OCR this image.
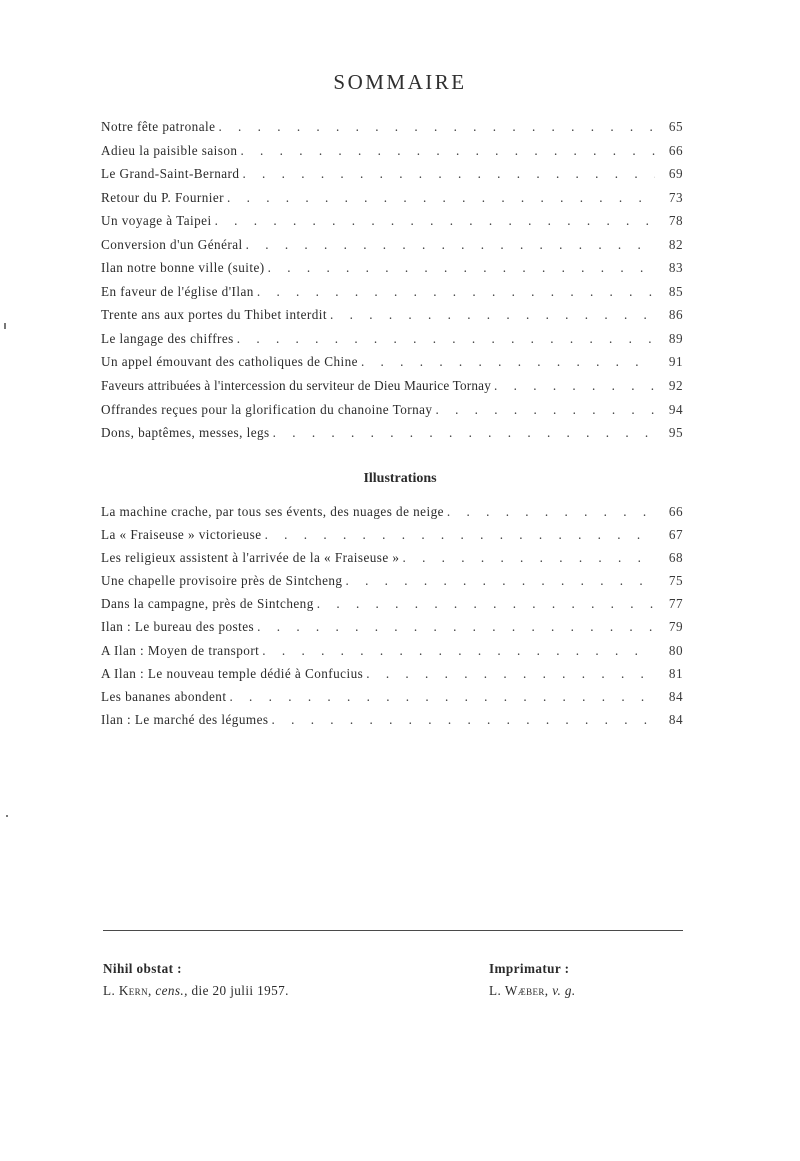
SOMMAIRE
Notre fête patronale . . .	65
Adieu la paisible saison . . .	66
Le Grand-Saint-Bernard . . .	69
Retour du P. Fournier . . .	73
Un voyage à Taipei . . .	78
Conversion d'un Général . . .	82
Ilan notre bonne ville (suite) . . .	83
En faveur de l'église d'Ilan . . .	85
Trente ans aux portes du Thibet interdit . . .	86
Le langage des chiffres . . .	89
Un appel émouvant des catholiques de Chine . . .	91
Faveurs attribuées à l'intercession du serviteur de Dieu Maurice Tornay . . .	92
Offrandes reçues pour la glorification du chanoine Tornay . . .	94
Dons, baptêmes, messes, legs . . .	95
Illustrations
La machine crache, par tous ses évents, des nuages de neige . . .	66
La « Fraiseuse » victorieuse . . .	67
Les religieux assistent à l'arrivée de la « Fraiseuse » . . .	68
Une chapelle provisoire près de Sintcheng . . .	75
Dans la campagne, près de Sintcheng . . .	77
Ilan : Le bureau des postes . . .	79
A Ilan : Moyen de transport . . .	80
A Ilan : Le nouveau temple dédié à Confucius . . .	81
Les bananes abondent . . .	84
Ilan : Le marché des légumes . . .	84
Nihil obstat :
L. Kern, cens., die 20 julii 1957.
Imprimatur :
L. Wæber, v. g.
